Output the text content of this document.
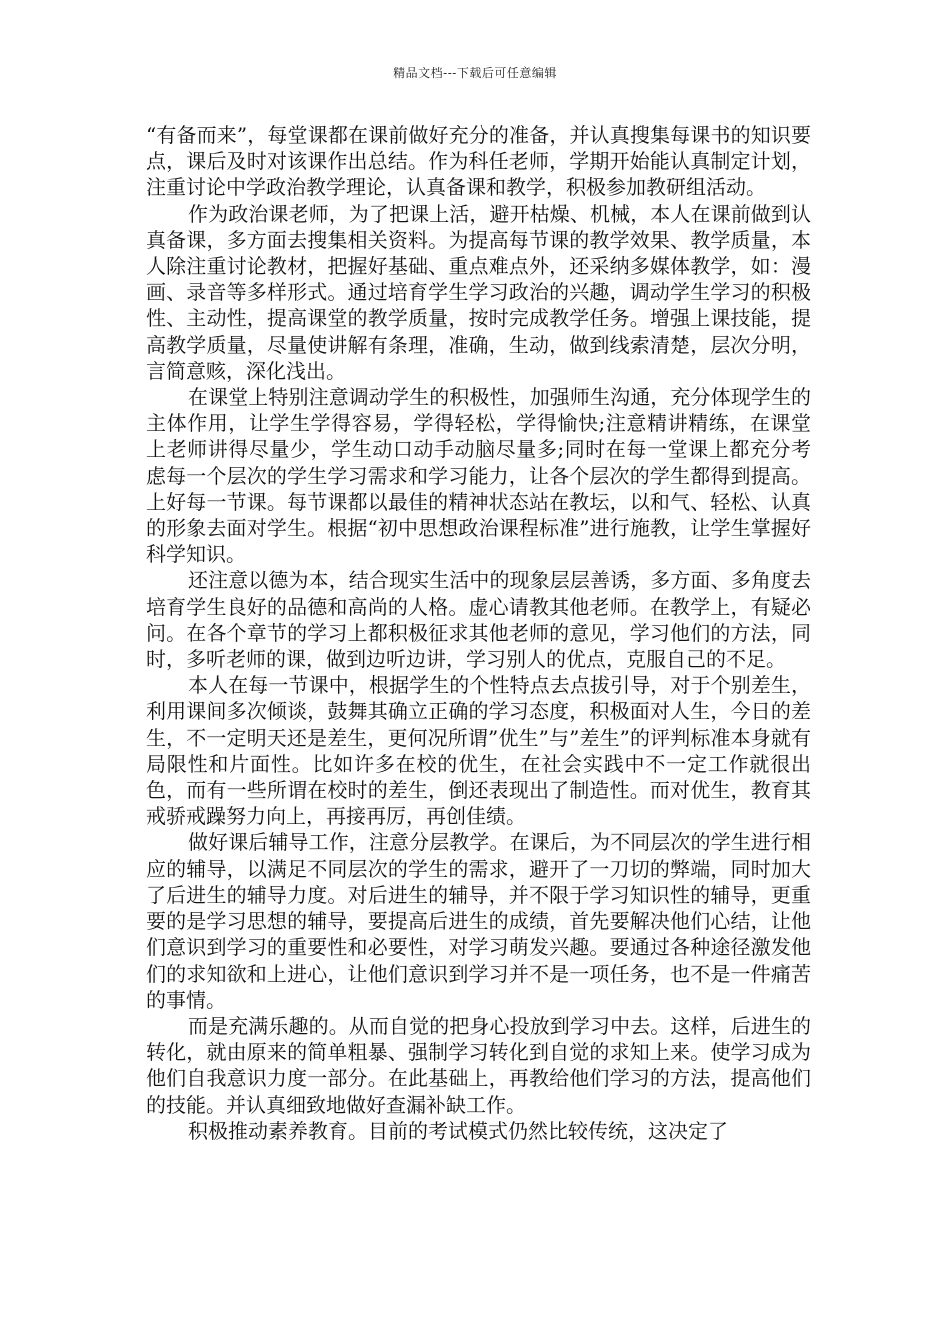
精品文档---下载后可任意编辑

“有备而来”，每堂课都在课前做好充分的准备，并认真搜集每课书的知识要点，课后及时对该课作出总结。作为科任老师，学期开始能认真制定计划，注重讨论中学政治教学理论，认真备课和教学，积极参加教研组活动。

作为政治课老师，为了把课上活，避开枯燥、机械，本人在课前做到认真备课，多方面去搜集相关资料。为提高每节课的教学效果、教学质量，本人除注重讨论教材，把握好基础、重点难点外，还采纳多媒体教学，如：漫画、录音等多样形式。通过培育学生学习政治的兴趣，调动学生学习的积极性、主动性，提高课堂的教学质量，按时完成教学任务。增强上课技能，提高教学质量，尽量使讲解有条理，准确，生动，做到线索清楚，层次分明，言简意赅，深化浅出。

在课堂上特别注意调动学生的积极性，加强师生沟通，充分体现学生的主体作用，让学生学得容易，学得轻松，学得愉快;注意精讲精练，在课堂上老师讲得尽量少，学生动口动手动脑尽量多;同时在每一堂课上都充分考虑每一个层次的学生学习需求和学习能力，让各个层次的学生都得到提高。上好每一节课。每节课都以最佳的精神状态站在教坛，以和气、轻松、认真的形象去面对学生。根据“初中思想政治课程标准”进行施教，让学生掌握好科学知识。

还注意以德为本，结合现实生活中的现象层层善诱，多方面、多角度去培育学生良好的品德和高尚的人格。虚心请教其他老师。在教学上，有疑必问。在各个章节的学习上都积极征求其他老师的意见，学习他们的方法，同时，多听老师的课，做到边听边讲，学习别人的优点，克服自己的不足。

本人在每一节课中，根据学生的个性特点去点拔引导，对于个别差生，利用课间多次倾谈，鼓舞其确立正确的学习态度，积极面对人生，今日的差生，不一定明天还是差生，更何况所谓”优生”与”差生”的评判标准本身就有局限性和片面性。比如许多在校的优生，在社会实践中不一定工作就很出色，而有一些所谓在校时的差生，倒还表现出了制造性。而对优生，教育其戒骄戒躁努力向上，再接再厉，再创佳绩。

做好课后辅导工作，注意分层教学。在课后，为不同层次的学生进行相应的辅导，以满足不同层次的学生的需求，避开了一刀切的弊端，同时加大了后进生的辅导力度。对后进生的辅导，并不限于学习知识性的辅导，更重要的是学习思想的辅导，要提高后进生的成绩，首先要解决他们心结，让他们意识到学习的重要性和必要性，对学习萌发兴趣。要通过各种途径激发他们的求知欲和上进心，让他们意识到学习并不是一项任务，也不是一件痛苦的事情。

而是充满乐趣的。从而自觉的把身心投放到学习中去。这样，后进生的转化，就由原来的简单粗暴、强制学习转化到自觉的求知上来。使学习成为他们自我意识力度一部分。在此基础上，再教给他们学习的方法，提高他们的技能。并认真细致地做好查漏补缺工作。

积极推动素养教育。目前的考试模式仍然比较传统，这决定了
